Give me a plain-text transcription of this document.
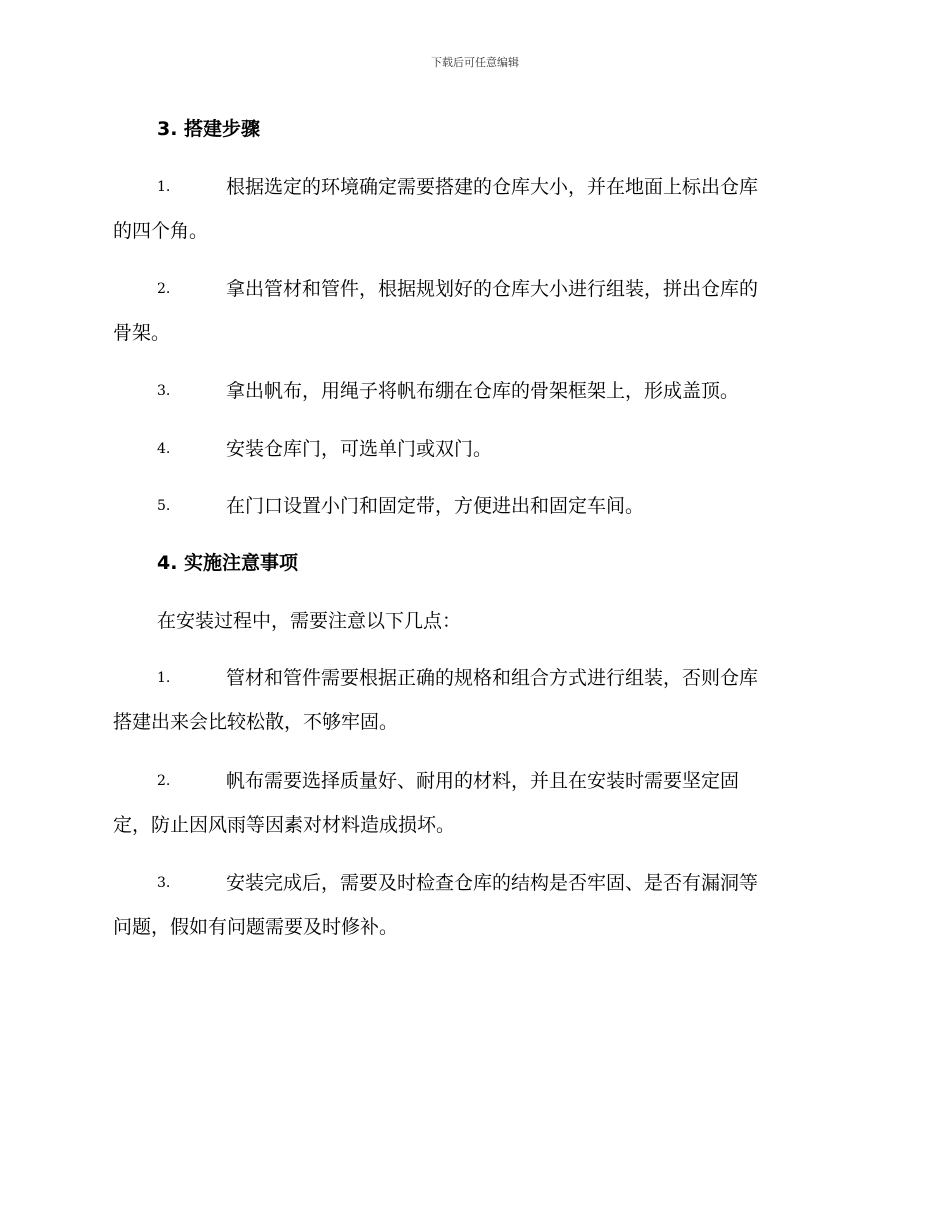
下载后可任意编辑
3. 搭建步骤
1.	根据选定的环境确定需要搭建的仓库大小，并在地面上标出仓库
的四个角。
2.	拿出管材和管件，根据规划好的仓库大小进行组装，拼出仓库的
骨架。
3.	拿出帆布，用绳子将帆布绷在仓库的骨架框架上，形成盖顶。
4.	安装仓库门，可选单门或双门。
5.	在门口设置小门和固定带，方便进出和固定车间。
4. 实施注意事项
在安装过程中，需要注意以下几点：
1.	管材和管件需要根据正确的规格和组合方式进行组装，否则仓库
搭建出来会比较松散，不够牢固。
2.	帆布需要选择质量好、耐用的材料，并且在安装时需要坚定固
定，防止因风雨等因素对材料造成损坏。
3.	安装完成后，需要及时检查仓库的结构是否牢固、是否有漏洞等
问题，假如有问题需要及时修补。
